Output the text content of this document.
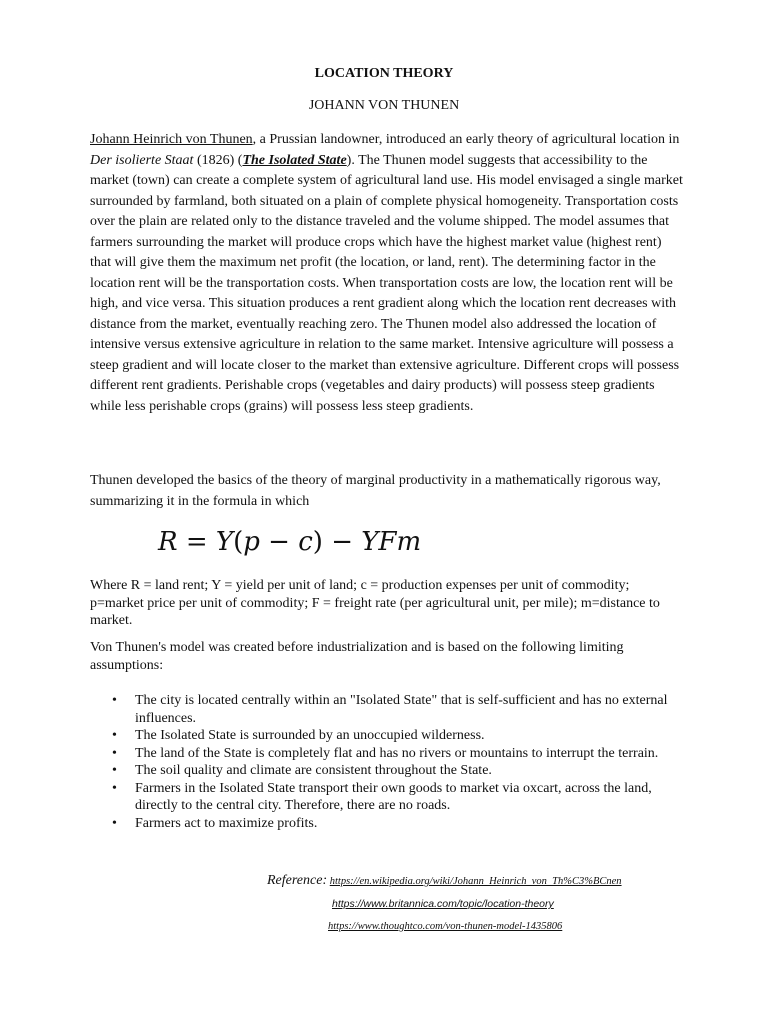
LOCATION THEORY
JOHANN VON THUNEN

Johann Heinrich von Thunen, a Prussian landowner, introduced an early theory of agricultural location in Der isolierte Staat (1826) (The Isolated State). The Thunen model suggests that accessibility to the market (town) can create a complete system of agricultural land use. His model envisaged a single market surrounded by farmland, both situated on a plain of complete physical homogeneity. Transportation costs over the plain are related only to the distance traveled and the volume shipped. The model assumes that farmers surrounding the market will produce crops which have the highest market value (highest rent) that will give them the maximum net profit (the location, or land, rent). The determining factor in the location rent will be the transportation costs. When transportation costs are low, the location rent will be high, and vice versa. This situation produces a rent gradient along which the location rent decreases with distance from the market, eventually reaching zero. The Thunen model also addressed the location of intensive versus extensive agriculture in relation to the same market. Intensive agriculture will possess a steep gradient and will locate closer to the market than extensive agriculture. Different crops will possess different rent gradients. Perishable crops (vegetables and dairy products) will possess steep gradients while less perishable crops (grains) will possess less steep gradients.

Thunen developed the basics of the theory of marginal productivity in a mathematically rigorous way, summarizing it in the formula in which

R = Y(p − c) − YFm

Where R = land rent; Y = yield per unit of land; c = production expenses per unit of commodity; p=market price per unit of commodity; F = freight rate (per agricultural unit, per mile); m=distance to market.

Von Thunen's model was created before industrialization and is based on the following limiting assumptions:

• The city is located centrally within an "Isolated State" that is self-sufficient and has no external influences.
• The Isolated State is surrounded by an unoccupied wilderness.
• The land of the State is completely flat and has no rivers or mountains to interrupt the terrain.
• The soil quality and climate are consistent throughout the State.
• Farmers in the Isolated State transport their own goods to market via oxcart, across the land, directly to the central city. Therefore, there are no roads.
• Farmers act to maximize profits.
Reference: https://en.wikipedia.org/wiki/Johann_Heinrich_von_Th%C3%BCnen
https://www.britannica.com/topic/location-theory
https://www.thoughtco.com/von-thunen-model-1435806
